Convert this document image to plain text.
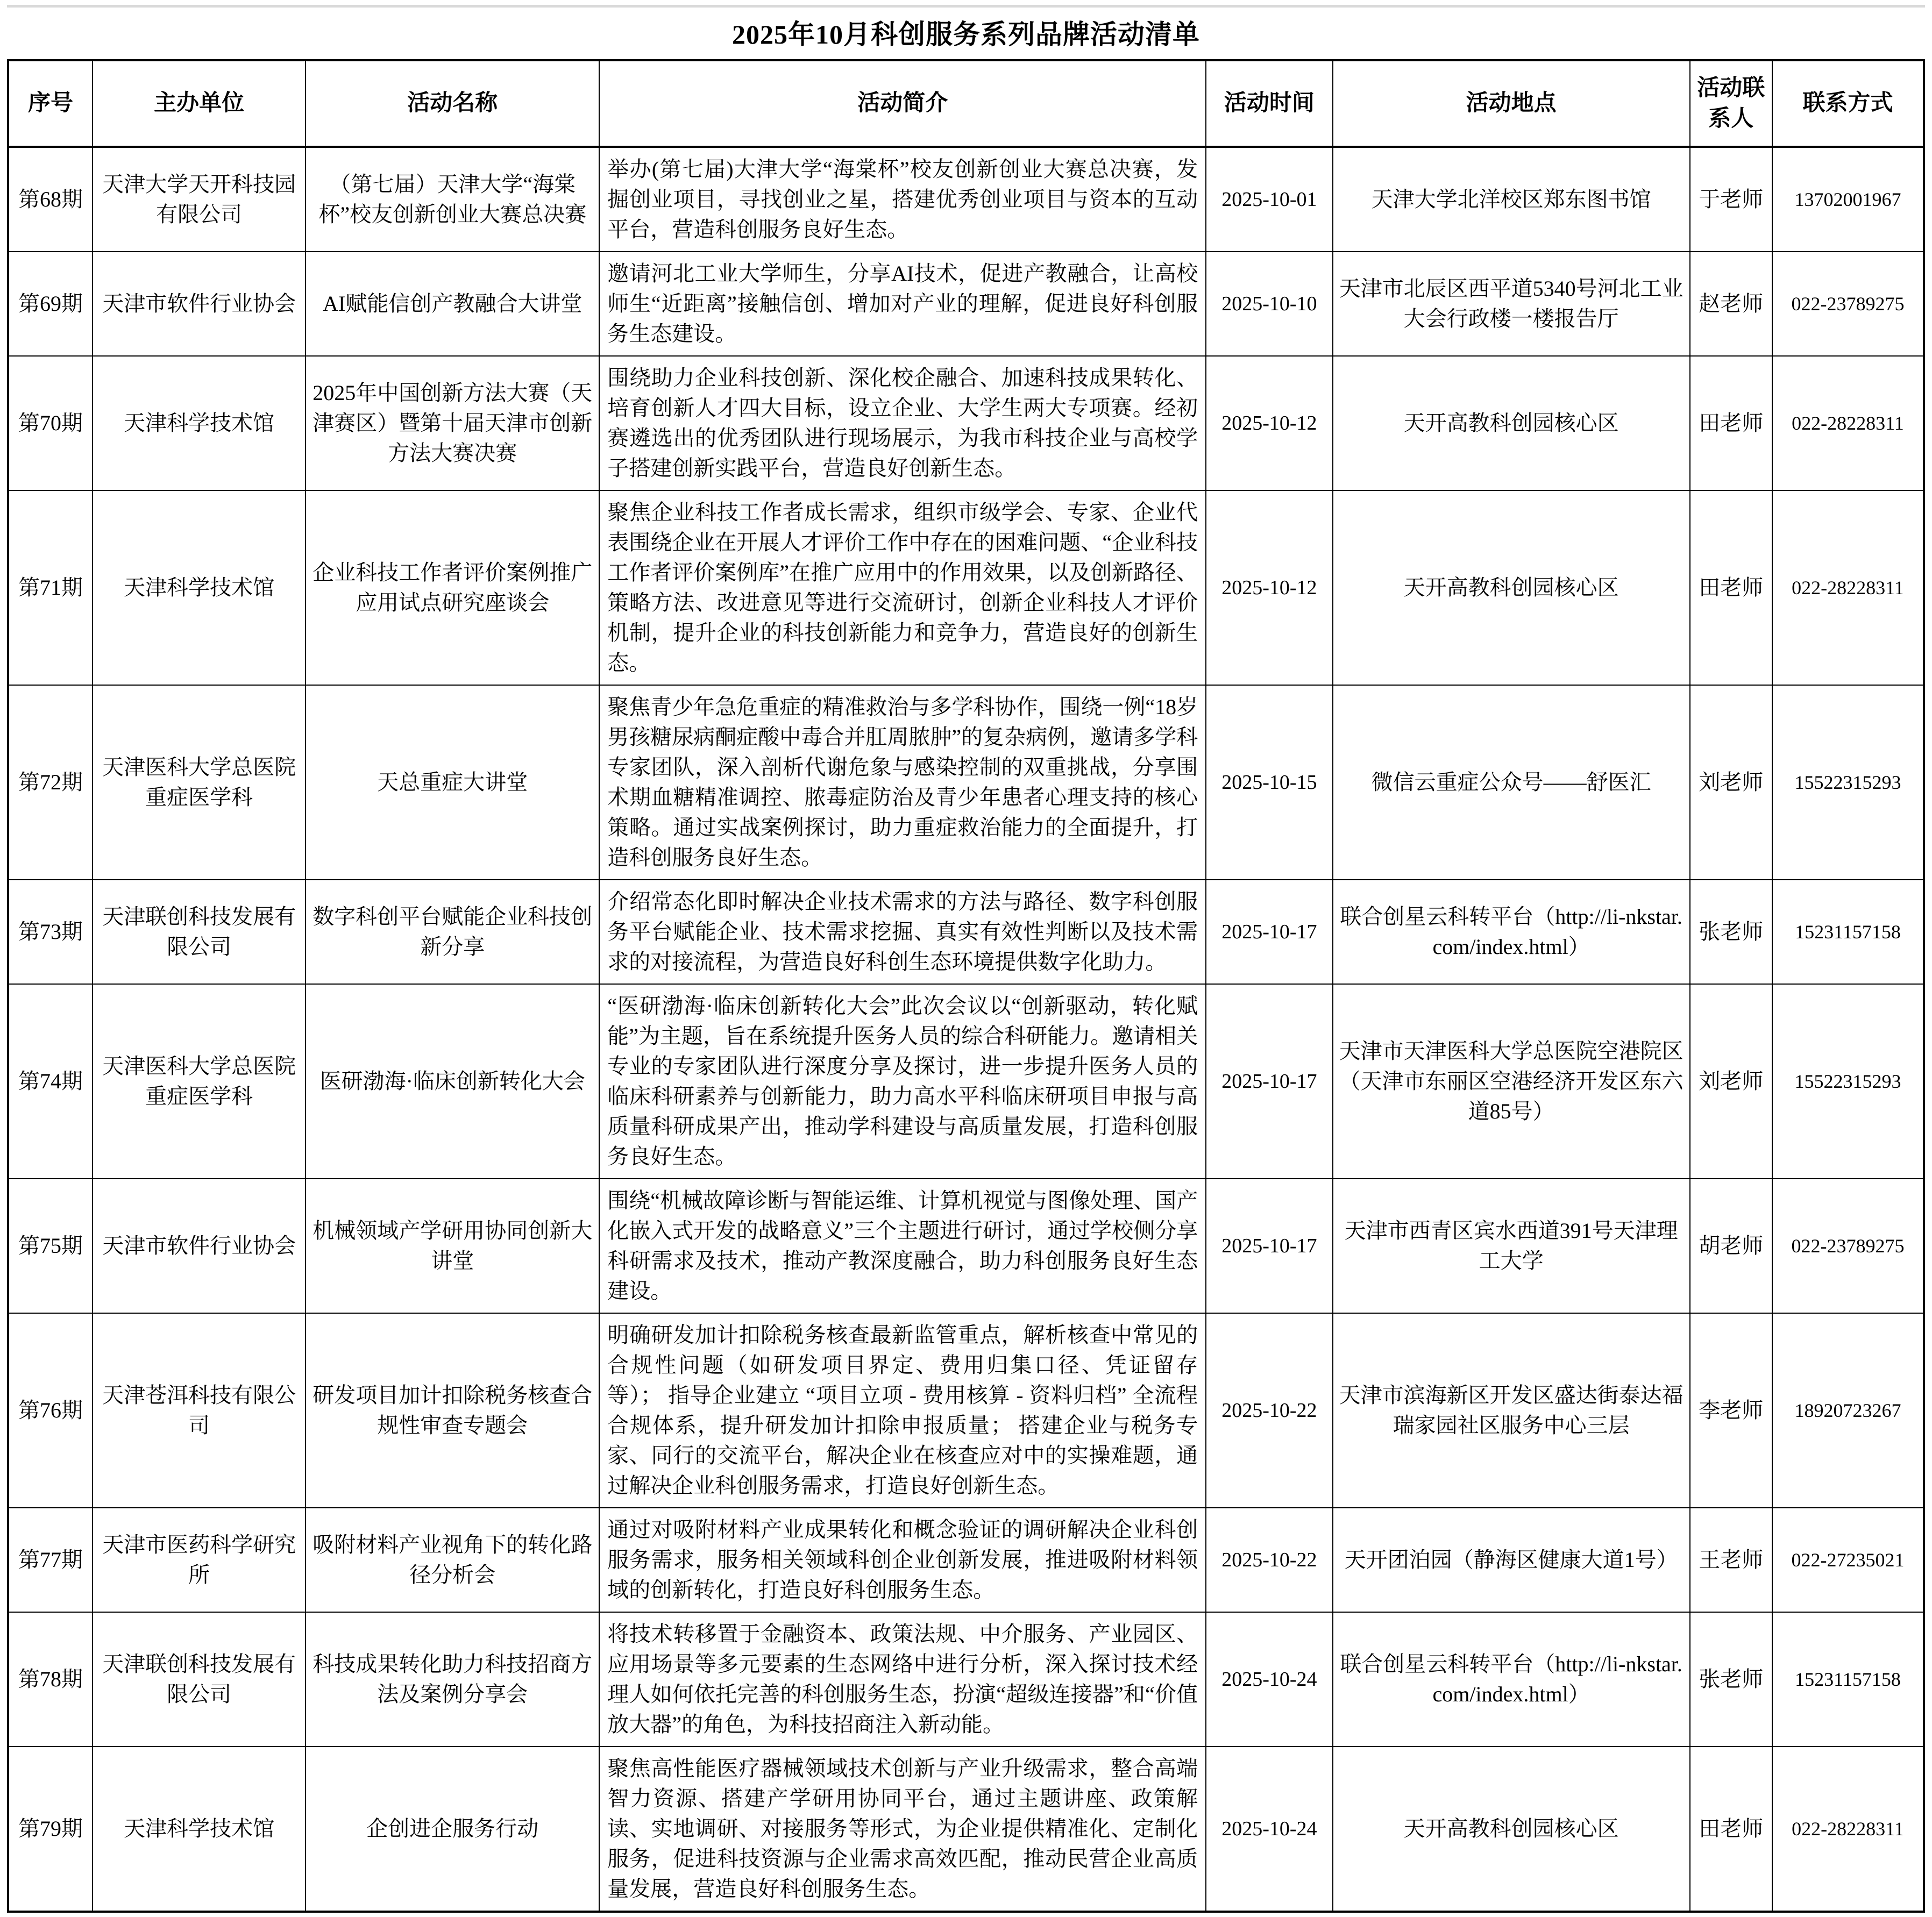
2025年10月科创服务系列品牌活动清单
序号	主办单位	活动名称	活动简介	活动时间	活动地点	活动联系人	联系方式
第68期	天津大学天开科技园有限公司	（第七届）天津大学“海棠杯”校友创新创业大赛总决赛	举办(第七届)大津大学“海棠杯”校友创新创业大赛总决赛，发掘创业项目，寻找创业之星，搭建优秀创业项目与资本的互动平台，营造科创服务良好生态。	2025-10-01	天津大学北洋校区郑东图书馆	于老师	13702001967
第69期	天津市软件行业协会	AI赋能信创产教融合大讲堂	邀请河北工业大学师生，分享AI技术，促进产教融合，让高校师生“近距离”接触信创、增加对产业的理解，促进良好科创服务生态建设。	2025-10-10	天津市北辰区西平道5340号河北工业大会行政楼一楼报告厅	赵老师	022-23789275
第70期	天津科学技术馆	2025年中国创新方法大赛（天津赛区）暨第十届天津市创新方法大赛决赛	围绕助力企业科技创新、深化校企融合、加速科技成果转化、培育创新人才四大目标，设立企业、大学生两大专项赛。经初赛遴选出的优秀团队进行现场展示，为我市科技企业与高校学子搭建创新实践平台，营造良好创新生态。	2025-10-12	天开高教科创园核心区	田老师	022-28228311
第71期	天津科学技术馆	企业科技工作者评价案例推广应用试点研究座谈会	聚焦企业科技工作者成长需求，组织市级学会、专家、企业代表围绕企业在开展人才评价工作中存在的困难问题、“企业科技工作者评价案例库”在推广应用中的作用效果，以及创新路径、策略方法、改进意见等进行交流研讨，创新企业科技人才评价机制，提升企业的科技创新能力和竞争力，营造良好的创新生态。	2025-10-12	天开高教科创园核心区	田老师	022-28228311
第72期	天津医科大学总医院重症医学科	天总重症大讲堂	聚焦青少年急危重症的精准救治与多学科协作，围绕一例“18岁男孩糖尿病酮症酸中毒合并肛周脓肿”的复杂病例，邀请多学科专家团队，深入剖析代谢危象与感染控制的双重挑战，分享围术期血糖精准调控、脓毒症防治及青少年患者心理支持的核心策略。通过实战案例探讨，助力重症救治能力的全面提升，打造科创服务良好生态。	2025-10-15	微信云重症公众号——舒医汇	刘老师	15522315293
第73期	天津联创科技发展有限公司	数字科创平台赋能企业科技创新分享	介绍常态化即时解决企业技术需求的方法与路径、数字科创服务平台赋能企业、技术需求挖掘、真实有效性判断以及技术需求的对接流程，为营造良好科创生态环境提供数字化助力。	2025-10-17	联合创星云科转平台（http://li-nkstar.com/index.html）	张老师	15231157158
第74期	天津医科大学总医院重症医学科	医研渤海·临床创新转化大会	“医研渤海·临床创新转化大会”此次会议以“创新驱动，转化赋能”为主题，旨在系统提升医务人员的综合科研能力。邀请相关专业的专家团队进行深度分享及探讨，进一步提升医务人员的临床科研素养与创新能力，助力高水平科临床研项目申报与高质量科研成果产出，推动学科建设与高质量发展，打造科创服务良好生态。	2025-10-17	天津市天津医科大学总医院空港院区（天津市东丽区空港经济开发区东六道85号）	刘老师	15522315293
第75期	天津市软件行业协会	机械领域产学研用协同创新大讲堂	围绕“机械故障诊断与智能运维、计算机视觉与图像处理、国产化嵌入式开发的战略意义”三个主题进行研讨，通过学校侧分享科研需求及技术，推动产教深度融合，助力科创服务良好生态建设。	2025-10-17	天津市西青区宾水西道391号天津理工大学	胡老师	022-23789275
第76期	天津苍洱科技有限公司	研发项目加计扣除税务核查合规性审查专题会	明确研发加计扣除税务核查最新监管重点，解析核查中常见的合规性问题（如研发项目界定、费用归集口径、凭证留存等）； 指导企业建立 “项目立项 - 费用核算 - 资料归档” 全流程合规体系，提升研发加计扣除申报质量； 搭建企业与税务专家、同行的交流平台，解决企业在核查应对中的实操难题，通过解决企业科创服务需求，打造良好创新生态。	2025-10-22	天津市滨海新区开发区盛达街泰达福瑞家园社区服务中心三层	李老师	18920723267
第77期	天津市医药科学研究所	吸附材料产业视角下的转化路径分析会	通过对吸附材料产业成果转化和概念验证的调研解决企业科创服务需求，服务相关领域科创企业创新发展，推进吸附材料领域的创新转化，打造良好科创服务生态。	2025-10-22	天开团泊园（静海区健康大道1号）	王老师	022-27235021
第78期	天津联创科技发展有限公司	科技成果转化助力科技招商方法及案例分享会	将技术转移置于金融资本、政策法规、中介服务、产业园区、应用场景等多元要素的生态网络中进行分析，深入探讨技术经理人如何依托完善的科创服务生态，扮演“超级连接器”和“价值放大器”的角色，为科技招商注入新动能。	2025-10-24	联合创星云科转平台（http://li-nkstar.com/index.html）	张老师	15231157158
第79期	天津科学技术馆	企创进企服务行动	聚焦高性能医疗器械领域技术创新与产业升级需求，整合高端智力资源、搭建产学研用协同平台，通过主题讲座、政策解读、实地调研、对接服务等形式，为企业提供精准化、定制化服务，促进科技资源与企业需求高效匹配，推动民营企业高质量发展，营造良好科创服务生态。	2025-10-24	天开高教科创园核心区	田老师	022-28228311
